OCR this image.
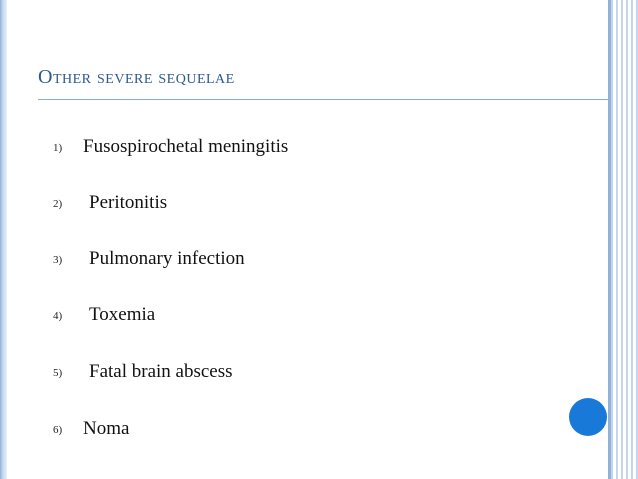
Other severe sequelae
1) Fusospirochetal meningitis
2) Peritonitis
3) Pulmonary infection
4) Toxemia
5) Fatal brain abscess
6) Noma
